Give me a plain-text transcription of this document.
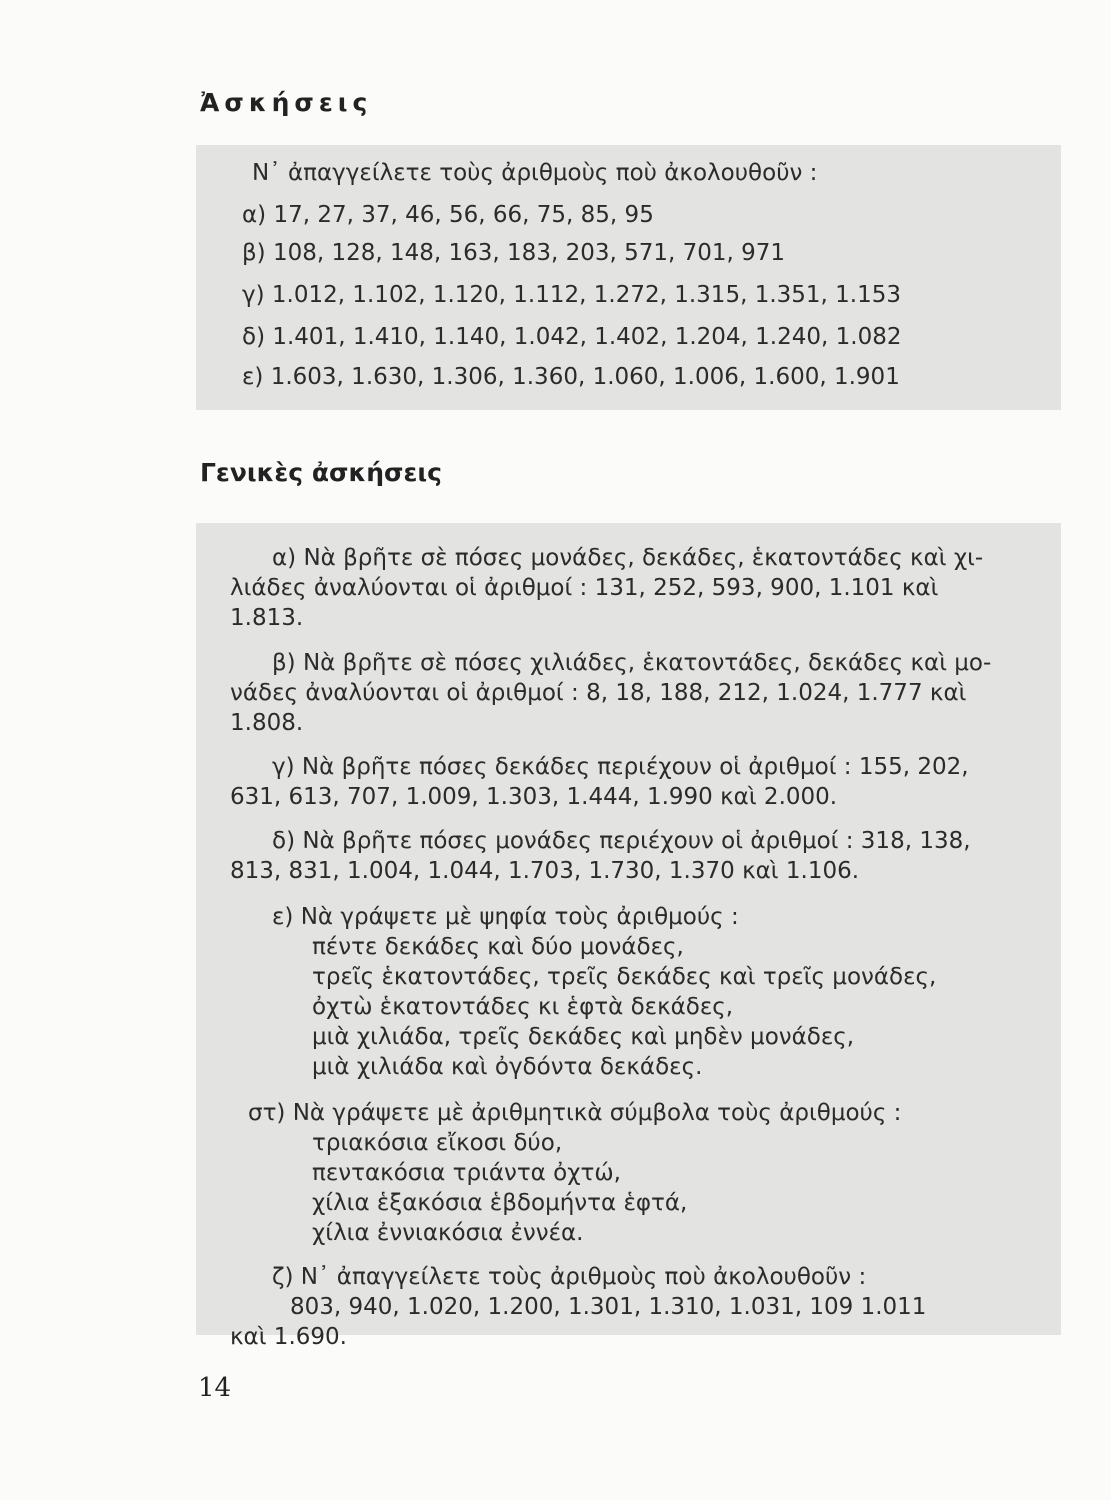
Ἀσκήσεις
Ν᾿ ἀπαγγείλετε τοὺς ἀριθμοὺς ποὺ ἀκολουθοῦν :
α) 17, 27, 37, 46, 56, 66, 75, 85, 95
β) 108, 128, 148, 163, 183, 203, 571, 701, 971
γ) 1.012, 1.102, 1.120, 1.112, 1.272, 1.315, 1.351, 1.153
δ) 1.401, 1.410, 1.140, 1.042, 1.402, 1.204, 1.240, 1.082
ε) 1.603, 1.630, 1.306, 1.360, 1.060, 1.006, 1.600, 1.901
Γενικὲς ἀσκήσεις
α) Νὰ βρῆτε σὲ πόσες μονάδες, δεκάδες, ἑκατοντάδες καὶ χι-
λιάδες ἀναλύονται οἱ ἀριθμοί : 131, 252, 593, 900, 1.101 καὶ
1.813.
β) Νὰ βρῆτε σὲ πόσες χιλιάδες, ἑκατοντάδες, δεκάδες καὶ μο-
νάδες ἀναλύονται οἱ ἀριθμοί : 8, 18, 188, 212, 1.024, 1.777 καὶ
1.808.
γ) Νὰ βρῆτε πόσες δεκάδες περιέχουν οἱ ἀριθμοί : 155, 202,
631, 613, 707, 1.009, 1.303, 1.444, 1.990 καὶ 2.000.
δ) Νὰ βρῆτε πόσες μονάδες περιέχουν οἱ ἀριθμοί : 318, 138,
813, 831, 1.004, 1.044, 1.703, 1.730, 1.370 καὶ 1.106.
ε) Νὰ γράψετε μὲ ψηφία τοὺς ἀριθμούς :
πέντε δεκάδες καὶ δύο μονάδες,
τρεῖς ἑκατοντάδες, τρεῖς δεκάδες καὶ τρεῖς μονάδες,
ὀχτὼ ἑκατοντάδες κι ἑφτὰ δεκάδες,
μιὰ χιλιάδα, τρεῖς δεκάδες καὶ μηδὲν μονάδες,
μιὰ χιλιάδα καὶ ὀγδόντα δεκάδες.
στ) Νὰ γράψετε μὲ ἀριθμητικὰ σύμβολα τοὺς ἀριθμούς :
τριακόσια εἴκοσι δύο,
πεντακόσια τριάντα ὀχτώ,
χίλια ἑξακόσια ἑβδομήντα ἑφτά,
χίλια ἐννιακόσια ἐννέα.
ζ) Ν᾿ ἀπαγγείλετε τοὺς ἀριθμοὺς ποὺ ἀκολουθοῦν :
803, 940, 1.020, 1.200, 1.301, 1.310, 1.031, 109 1.011
καὶ 1.690.
14
